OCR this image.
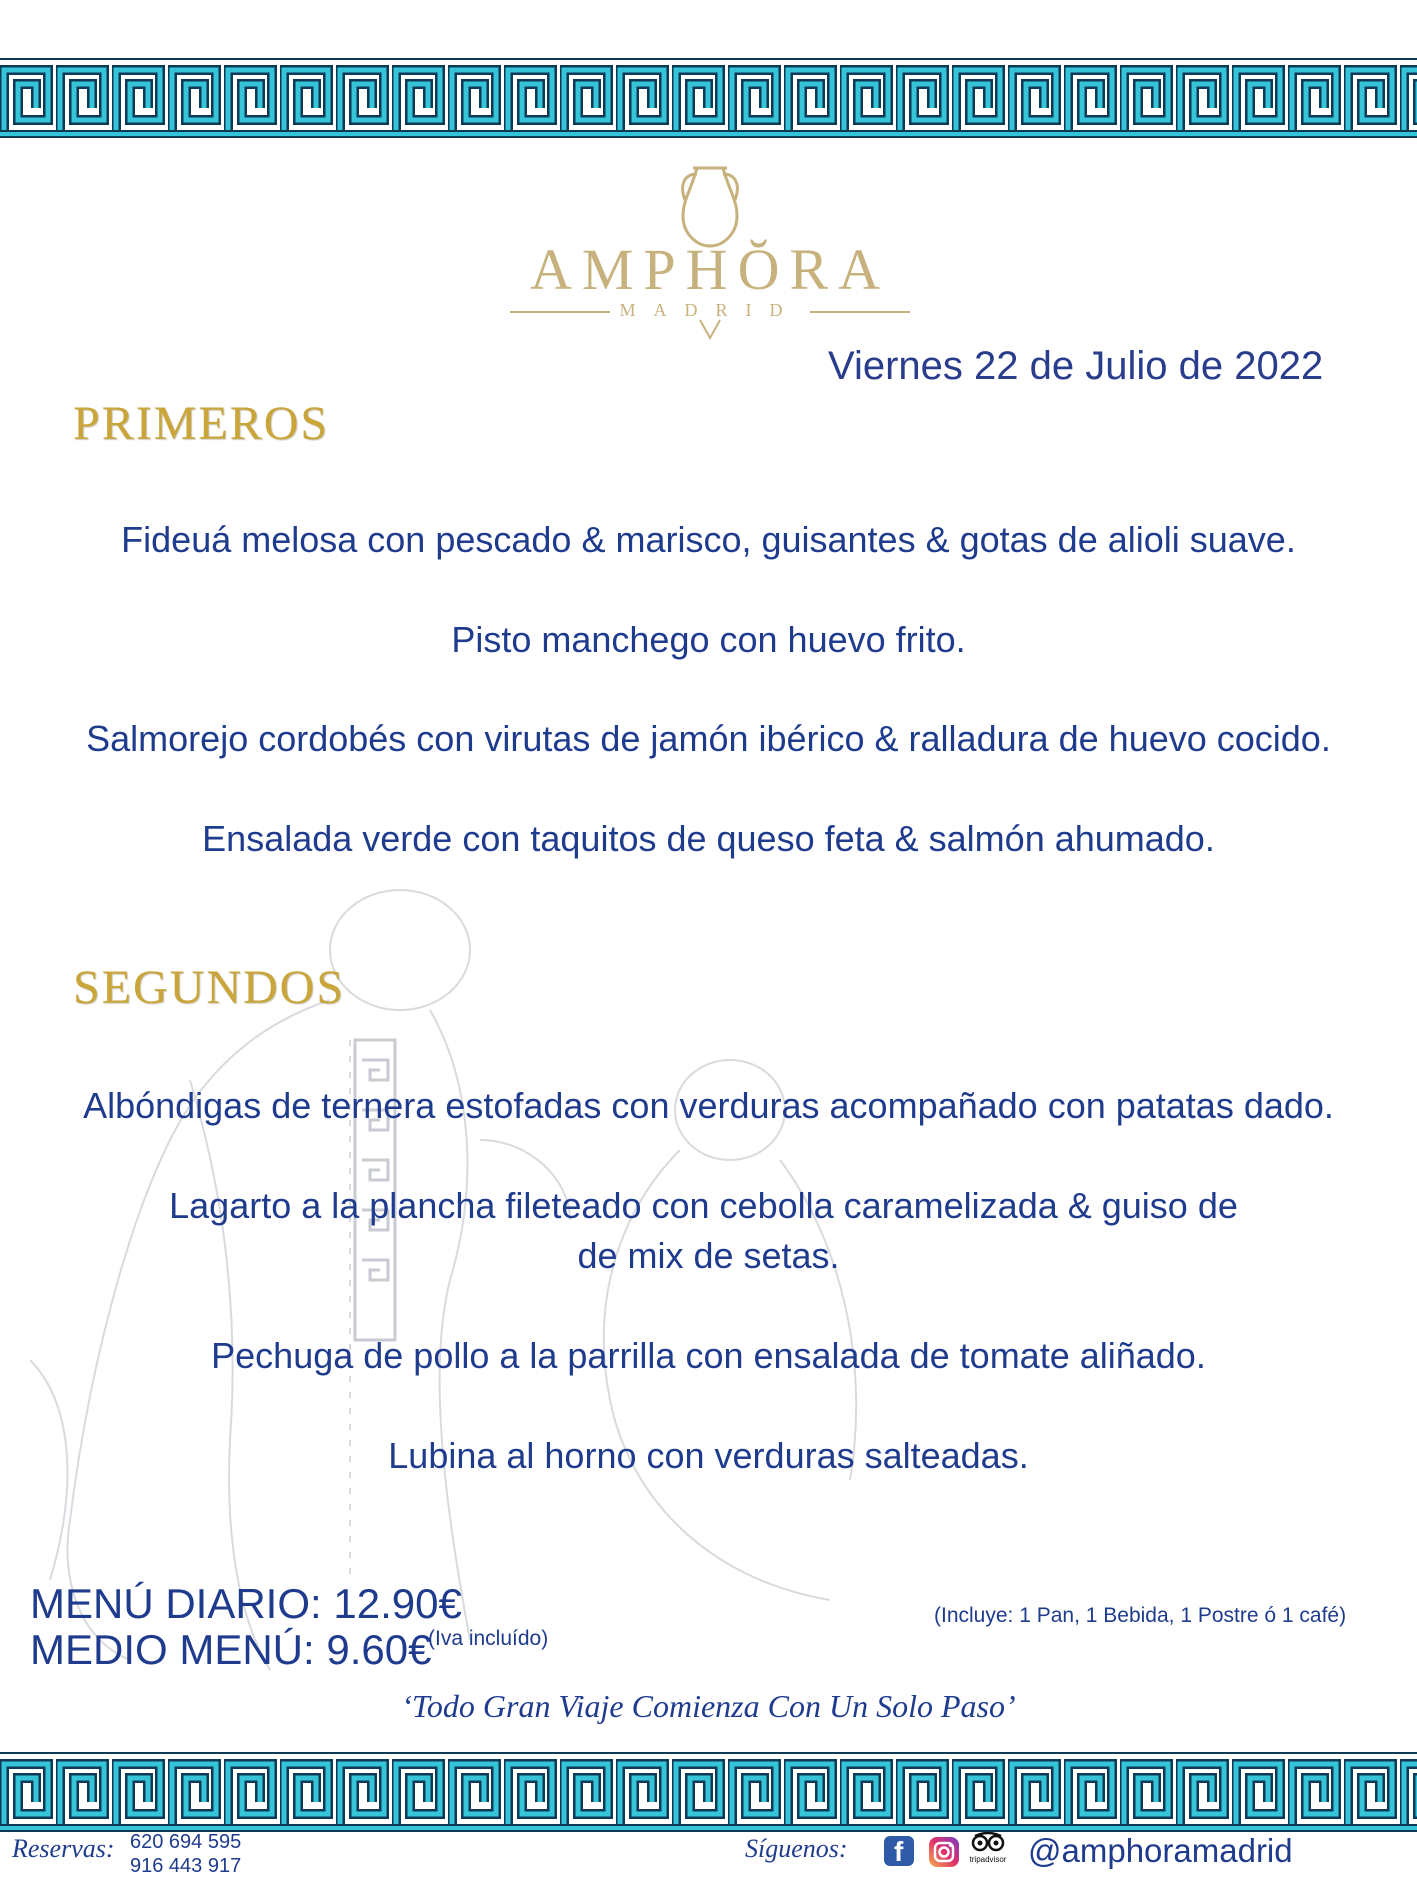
AMPHŎRA
MADRID
Viernes 22 de Julio de 2022
PRIMEROS
Fideuá melosa con pescado & marisco, guisantes & gotas de alioli suave.
Pisto manchego con huevo frito.
Salmorejo cordobés con virutas de jamón ibérico & ralladura de huevo cocido.
Ensalada verde con taquitos de queso feta & salmón ahumado.
SEGUNDOS
Albóndigas de ternera estofadas con verduras acompañado con patatas dado.
Lagarto a la plancha fileteado con cebolla caramelizada & guiso de
de mix de setas.
Pechuga de pollo a la parrilla con ensalada de tomate aliñado.
Lubina al horno con verduras salteadas.
MENÚ DIARIO: 12.90€
MEDIO MENÚ: 9.60€
(Iva incluído)
(Incluye: 1 Pan, 1 Bebida, 1 Postre ó 1 café)
‘Todo Gran Viaje Comienza Con Un Solo Paso’
Reservas: 620 694 595
916 443 917
Síguenos: f	tripadvisor @amphoramadrid
